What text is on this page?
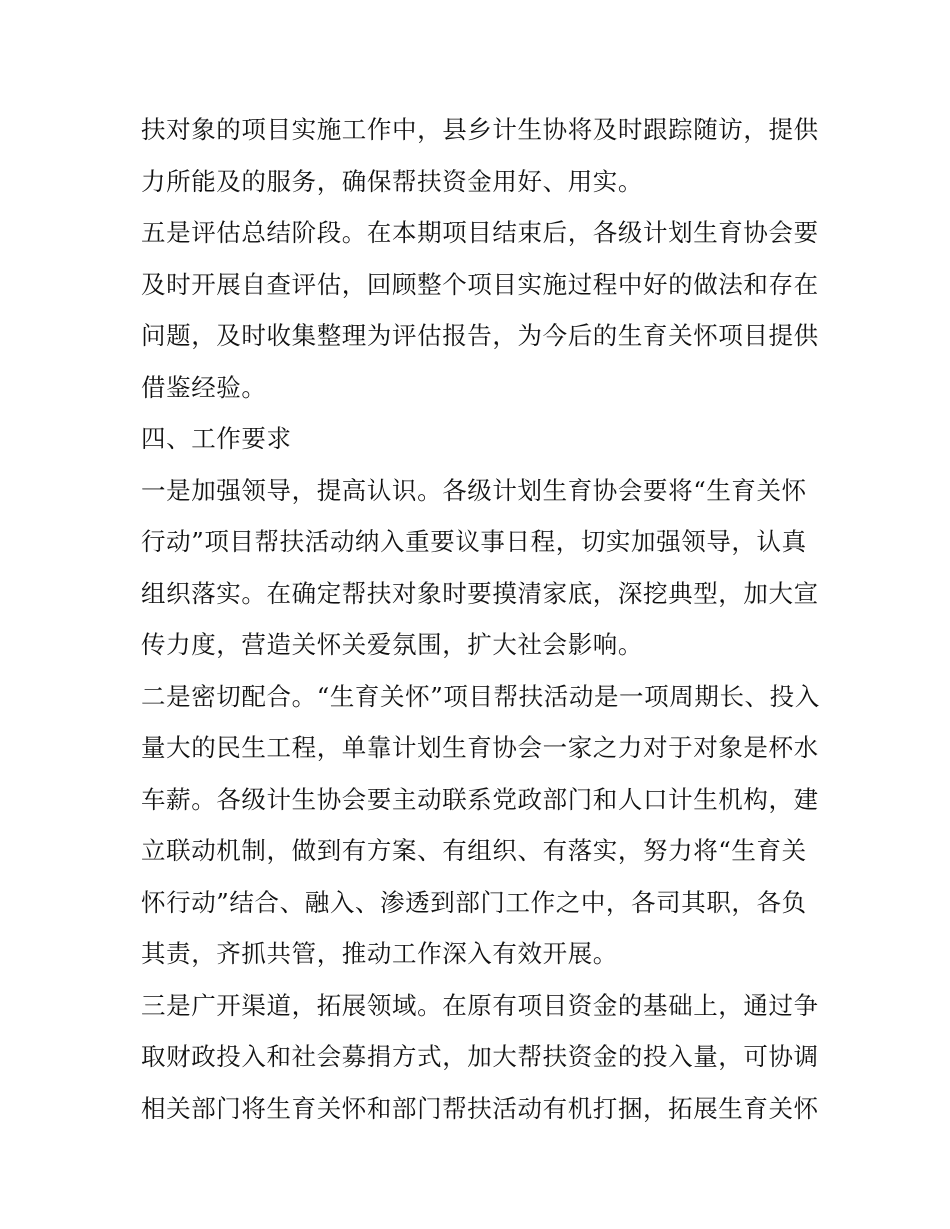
扶对象的项目实施工作中，县乡计生协将及时跟踪随访，提供
力所能及的服务，确保帮扶资金用好、用实。
五是评估总结阶段。在本期项目结束后，各级计划生育协会要
及时开展自查评估，回顾整个项目实施过程中好的做法和存在
问题，及时收集整理为评估报告，为今后的生育关怀项目提供
借鉴经验。
四、工作要求
一是加强领导，提高认识。各级计划生育协会要将“生育关怀
行动”项目帮扶活动纳入重要议事日程，切实加强领导，认真
组织落实。在确定帮扶对象时要摸清家底，深挖典型，加大宣
传力度，营造关怀关爱氛围，扩大社会影响。
二是密切配合。“生育关怀”项目帮扶活动是一项周期长、投入
量大的民生工程，单靠计划生育协会一家之力对于对象是杯水
车薪。各级计生协会要主动联系党政部门和人口计生机构，建
立联动机制，做到有方案、有组织、有落实，努力将“生育关
怀行动”结合、融入、渗透到部门工作之中，各司其职，各负
其责，齐抓共管，推动工作深入有效开展。
三是广开渠道，拓展领域。在原有项目资金的基础上，通过争
取财政投入和社会募捐方式，加大帮扶资金的投入量，可协调
相关部门将生育关怀和部门帮扶活动有机打捆，拓展生育关怀
